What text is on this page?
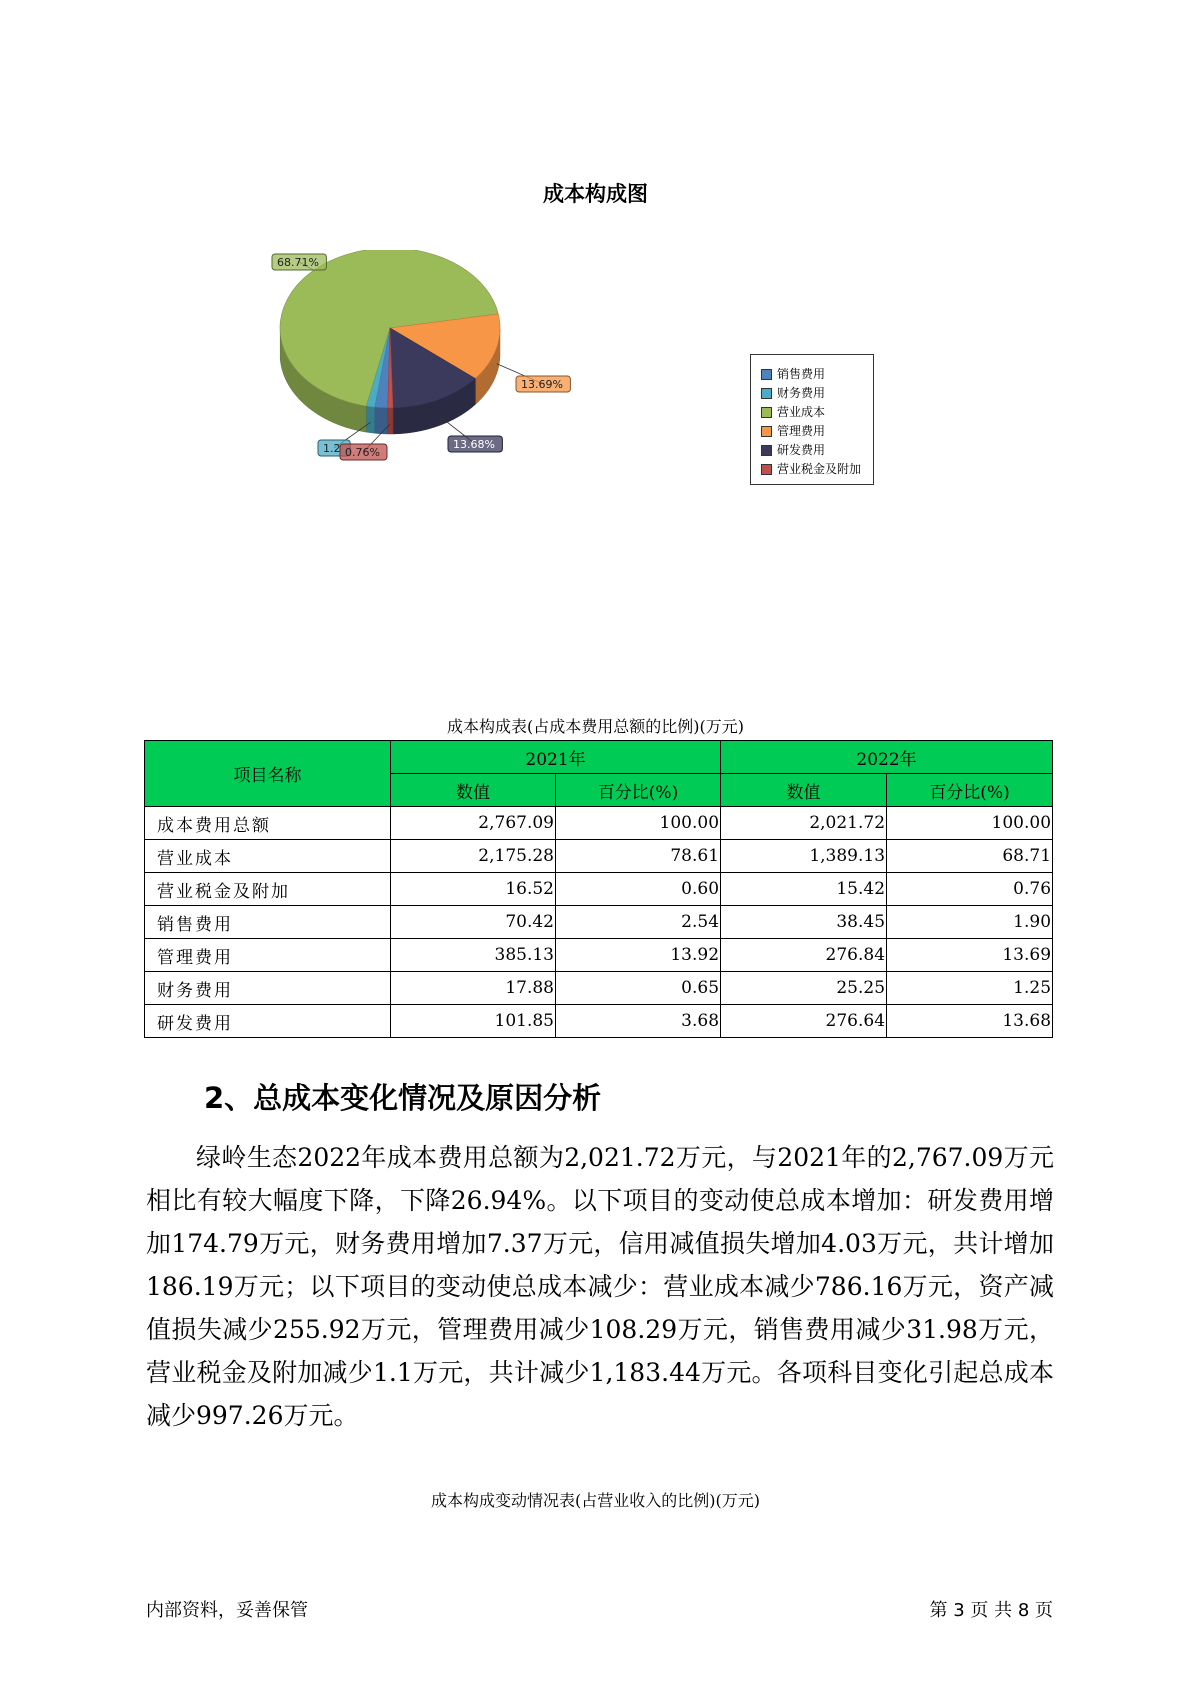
成本构成图
1.2
68.71%
13.69%
13.68%
0.76%
销售费用
财务费用
营业成本
管理费用
研发费用
营业税金及附加
成本构成表(占成本费用总额的比例)(万元)
项目名称	2021年		2022年	
	数值	百分比(%)	数值	百分比(%)
成本费用总额	2,767.09	100.00	2,021.72	100.00
营业成本	2,175.28	78.61	1,389.13	68.71
营业税金及附加	16.52	0.60	15.42	0.76
销售费用	70.42	2.54	38.45	1.90
管理费用	385.13	13.92	276.84	13.69
财务费用	17.88	0.65	25.25	1.25
研发费用	101.85	3.68	276.64	13.68
2、总成本变化情况及原因分析

绿岭生态2022年成本费用总额为2,021.72万元，与2021年的2,767.09万元相比有较大幅度下降，下降26.94%。以下项目的变动使总成本增加：研发费用增加174.79万元，财务费用增加7.37万元，信用减值损失增加4.03万元，共计增加186.19万元；以下项目的变动使总成本减少：营业成本减少786.16万元，资产减值损失减少255.92万元，管理费用减少108.29万元，销售费用减少31.98万元，营业税金及附加减少1.1万元，共计减少1,183.44万元。各项科目变化引起总成本减少997.26万元。

成本构成变动情况表(占营业收入的比例)(万元)
内部资料，妥善保管	第 3 页 共 8 页
